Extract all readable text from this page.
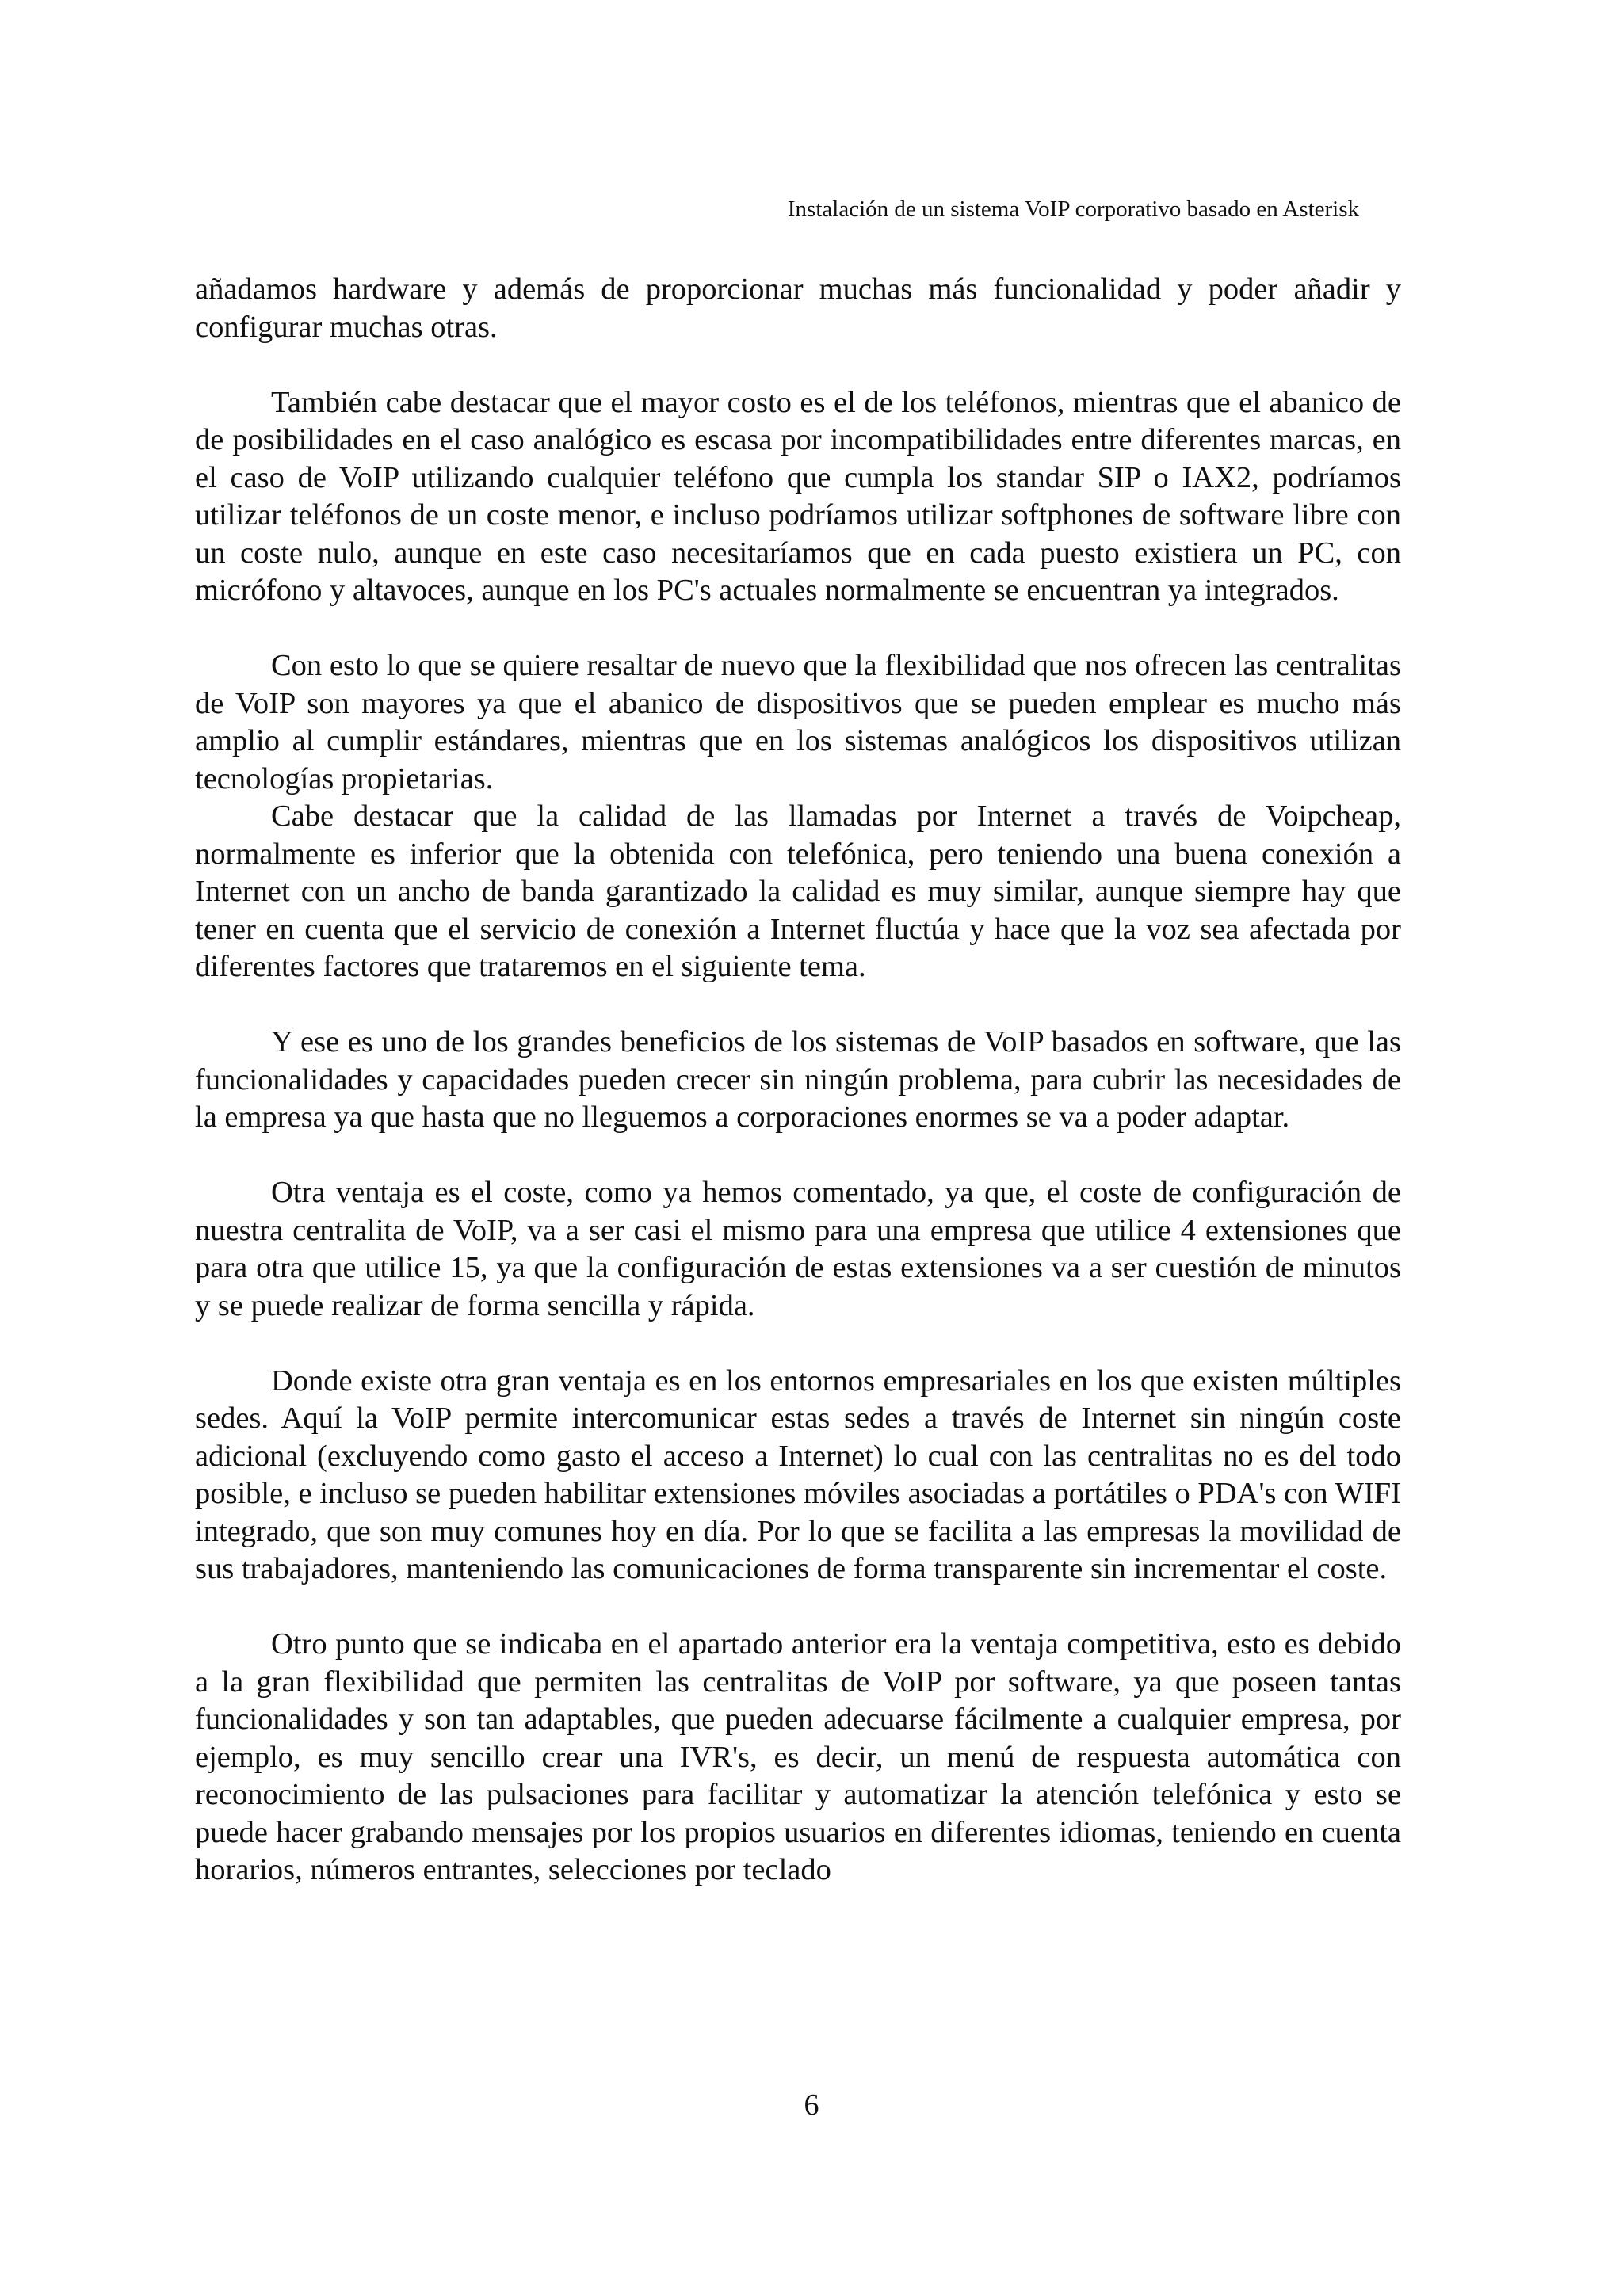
Instalación de un sistema VoIP corporativo basado en Asterisk

añadamos hardware y además de proporcionar muchas más funcionalidad y poder añadir y configurar muchas otras.

También cabe destacar que el mayor costo es el de los teléfonos, mientras que el abanico de de posibilidades en el caso analógico es escasa por incompatibilidades entre diferentes marcas, en el caso de VoIP utilizando cualquier teléfono que cumpla los standar SIP o IAX2, podríamos utilizar teléfonos de un coste menor, e incluso podríamos utilizar softphones de software libre con un coste nulo, aunque en este caso necesitaríamos que en cada puesto existiera un PC, con micrófono y altavoces, aunque en los PC's actuales normalmente se encuentran ya integrados.

Con esto lo que se quiere resaltar de nuevo que la flexibilidad que nos ofrecen las centralitas de VoIP son mayores ya que el abanico de dispositivos que se pueden emplear es mucho más amplio al cumplir estándares, mientras que en los sistemas analógicos los dispositivos utilizan tecnologías propietarias.

Cabe destacar que la calidad de las llamadas por Internet a través de Voipcheap, normalmente es inferior que la obtenida con telefónica, pero teniendo una buena conexión a Internet con un ancho de banda garantizado la calidad es muy similar, aunque siempre hay que tener en cuenta que el servicio de conexión a Internet fluctúa y hace que la voz sea afectada por diferentes factores que trataremos en el siguiente tema.

Y ese es uno de los grandes beneficios de los sistemas de VoIP basados en software, que las funcionalidades y capacidades pueden crecer sin ningún problema, para cubrir las necesidades de la empresa ya que hasta que no lleguemos a corporaciones enormes se va a poder adaptar.

Otra ventaja es el coste, como ya hemos comentado, ya que, el coste de configuración de nuestra centralita de VoIP, va a ser casi el mismo para una empresa que utilice 4 extensiones que para otra que utilice 15, ya que la configuración de estas extensiones va a ser cuestión de minutos y se puede realizar de forma sencilla y rápida.

Donde existe otra gran ventaja es en los entornos empresariales en los que existen múltiples sedes. Aquí la VoIP permite intercomunicar estas sedes a través de Internet sin ningún coste adicional (excluyendo como gasto el acceso a Internet) lo cual con las centralitas no es del todo posible, e incluso se pueden habilitar extensiones móviles asociadas a portátiles o PDA's con WIFI integrado, que son muy comunes hoy en día. Por lo que se facilita a las empresas la movilidad de sus trabajadores, manteniendo las comunicaciones de forma transparente sin incrementar el coste.

Otro punto que se indicaba en el apartado anterior era la ventaja competitiva, esto es debido a la gran flexibilidad que permiten las centralitas de VoIP por software, ya que poseen tantas funcionalidades y son tan adaptables, que pueden adecuarse fácilmente a cualquier empresa, por ejemplo, es muy sencillo crear una IVR's, es decir, un menú de respuesta automática con reconocimiento de las pulsaciones para facilitar y automatizar la atención telefónica y esto se puede hacer grabando mensajes por los propios usuarios en diferentes idiomas, teniendo en cuenta horarios, números entrantes, selecciones por teclado

6
